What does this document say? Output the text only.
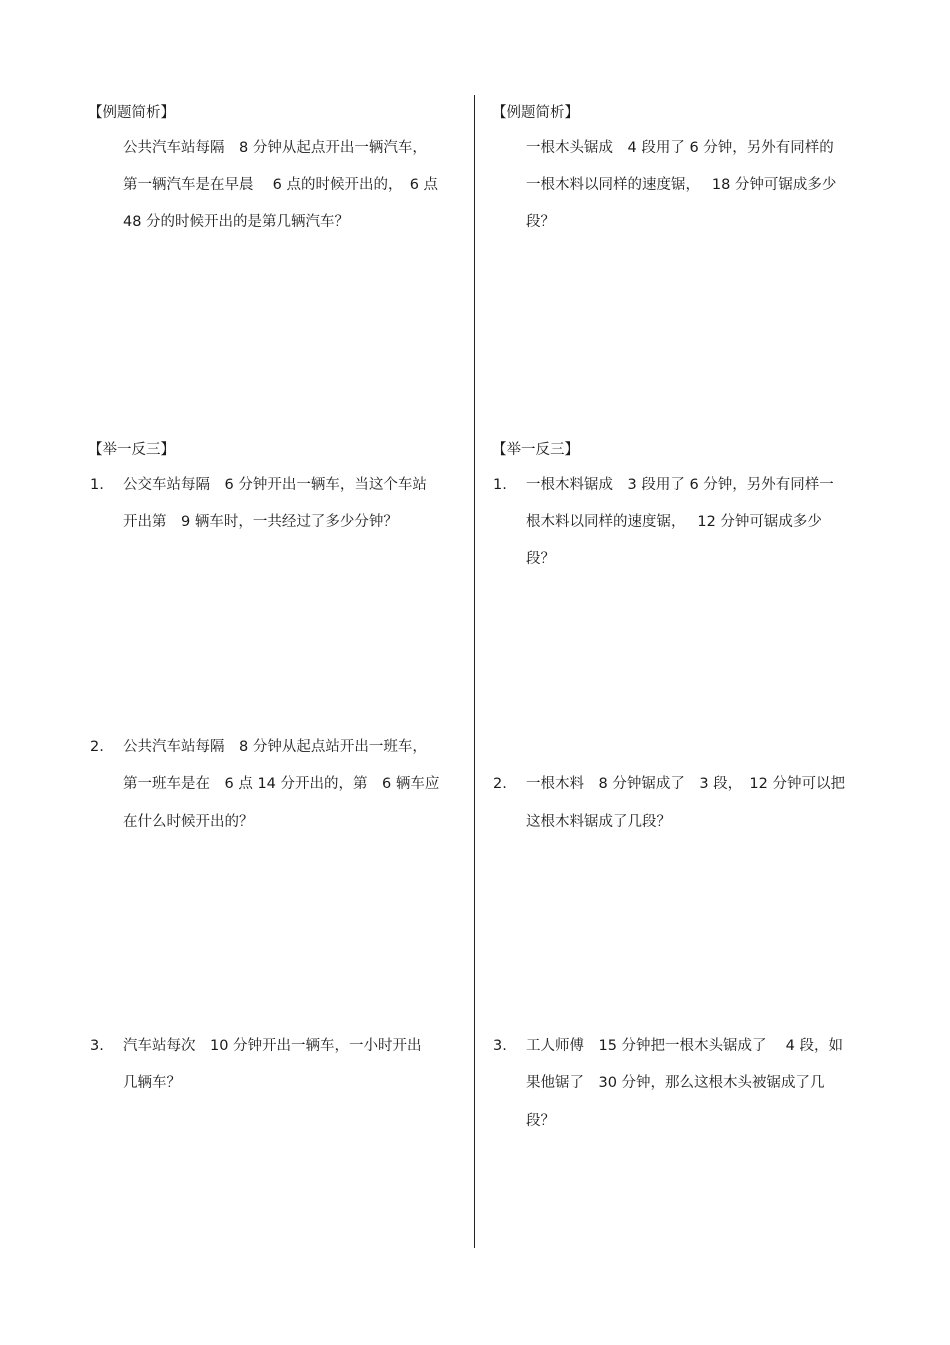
【例题简析】
公共汽车站每隔　8 分钟从起点开出一辆汽车，
第一辆汽车是在早晨　 6 点的时候开出的，　6 点
48 分的时候开出的是第几辆汽车？
【举一反三】
1. 公交车站每隔　6 分钟开出一辆车，当这个车站
开出第　9 辆车时，一共经过了多少分钟？
2. 公共汽车站每隔　8 分钟从起点站开出一班车，
第一班车是在　6 点 14 分开出的，第　6 辆车应
在什么时候开出的？
3. 汽车站每次　10 分钟开出一辆车，一小时开出
几辆车？
【例题简析】
一根木头锯成　4 段用了 6 分钟，另外有同样的
一根木料以同样的速度锯，　 18 分钟可锯成多少
段？
【举一反三】
1. 一根木料锯成　3 段用了 6 分钟，另外有同样一
根木料以同样的速度锯，　 12 分钟可锯成多少
段？
2. 一根木料　8 分钟锯成了　3 段，　12 分钟可以把
这根木料锯成了几段？
3. 工人师傅　15 分钟把一根木头锯成了　 4 段，如
果他锯了　30 分钟，那么这根木头被锯成了几
段？
